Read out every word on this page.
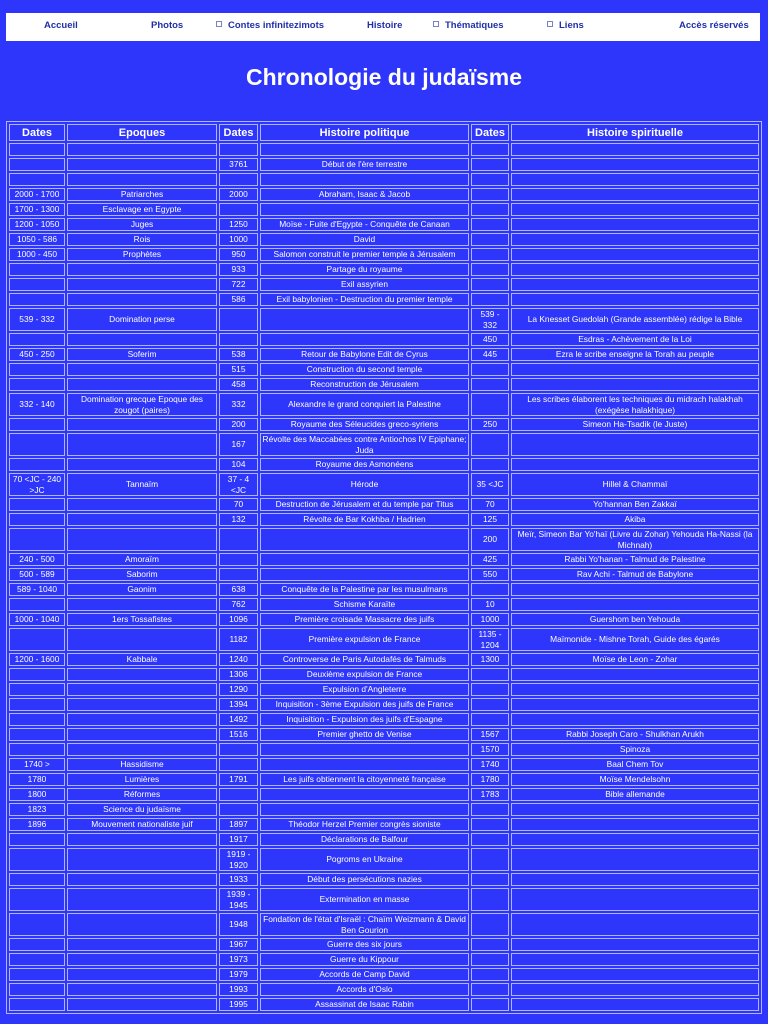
Accueil	Photos	Contes infinitezimots	Histoire	Thématiques	Liens	Accès réservés
Chronologie du judaïsme
Dates	Epoques	Dates	Histoire politique	Dates	Histoire spirituelle

		3761	Début de l'ère terrestre		

2000 - 1700	Patriarches	2000	Abraham, Isaac & Jacob		
1700 - 1300	Esclavage en Egypte				
1200 - 1050	Juges	1250	Moïse - Fuite d'Egypte - Conquête de Canaan		
1050 - 586	Rois	1000	David		
1000 - 450	Prophètes	950	Salomon construit le premier temple à Jérusalem		
		933	Partage du royaume		
		722	Exil assyrien		
		586	Exil babylonien - Destruction du premier temple		
539 - 332	Domination perse			539 - 332	La Knesset Guedolah (Grande assemblée) rédige la Bible
				450	Esdras - Achèvement de la Loi
450 - 250	Soferim	538	Retour de Babylone Edit de Cyrus	445	Ezra le scribe enseigne la Torah au peuple
		515	Construction du second temple		
		458	Reconstruction de Jérusalem		
332 - 140	Domination grecque Epoque des zougot (paires)	332	Alexandre le grand conquiert la Palestine		Les scribes élaborent les techniques du midrach halakhah (exégèse halakhique)
		200	Royaume des Séleucides greco-syriens	250	Simeon Ha-Tsadik (le Juste)
		167	Révolte des Maccabées contre Antiochos IV Epiphane; Juda		
		104	Royaume des Asmonéens		
70 <JC - 240 >JC	Tannaïm	37 - 4 <JC	Hérode	35 <JC	Hillel & Chammaï
		70	Destruction de Jérusalem et du temple par Titus	70	Yo'hannan Ben Zakkaï
		132	Révolte de Bar Kokhba / Hadrien	125	Akiba
				200	Meïr, Simeon Bar Yo'haï (Livre du Zohar) Yehouda Ha-Nassi (la Michnah)
240 - 500	Amoraïm			425	Rabbi Yo'hanan - Talmud de Palestine
500 - 589	Saborim			550	Rav Achi - Talmud de Babylone
589 - 1040	Gaonim	638	Conquête de la Palestine par les musulmans		
		762	Schisme Karaïte	10	
1000 - 1040	1ers Tossafistes	1096	Première croisade Massacre des juifs	1000	Guershom ben Yehouda
		1182	Première expulsion de France	1135 - 1204	Maïmonide - Mishne Torah, Guide des égarés
1200 - 1600	Kabbale	1240	Controverse de Paris Autodafés de Talmuds	1300	Moïse de Leon - Zohar
		1306	Deuxième expulsion de France		
		1290	Expulsion d'Angleterre		
		1394	Inquisition - 3ème Expulsion des juifs de France		
		1492	Inquisition - Expulsion des juifs d'Espagne		
		1516	Premier ghetto de Venise	1567	Rabbi Joseph Caro - Shulkhan Arukh
				1570	Spinoza
1740 >	Hassidisme			1740	Baal Chem Tov
1780	Lumières	1791	Les juifs obtiennent la citoyenneté française	1780	Moïse Mendelsohn
1800	Réformes			1783	Bible allemande
1823	Science du judaïsme				
1896	Mouvement nationaliste juif	1897	Théodor Herzel Premier congrès sioniste		
		1917	Déclarations de Balfour		
		1919 - 1920	Pogroms en Ukraine		
		1933	Début des persécutions nazies		
		1939 - 1945	Extermination en masse		
		1948	Fondation de l'état d'Israël : Chaïm Weizmann & David Ben Gourion		
		1967	Guerre des six jours		
		1973	Guerre du Kippour		
		1979	Accords de Camp David		
		1993	Accords d'Oslo		
		1995	Assassinat de Isaac Rabin		
